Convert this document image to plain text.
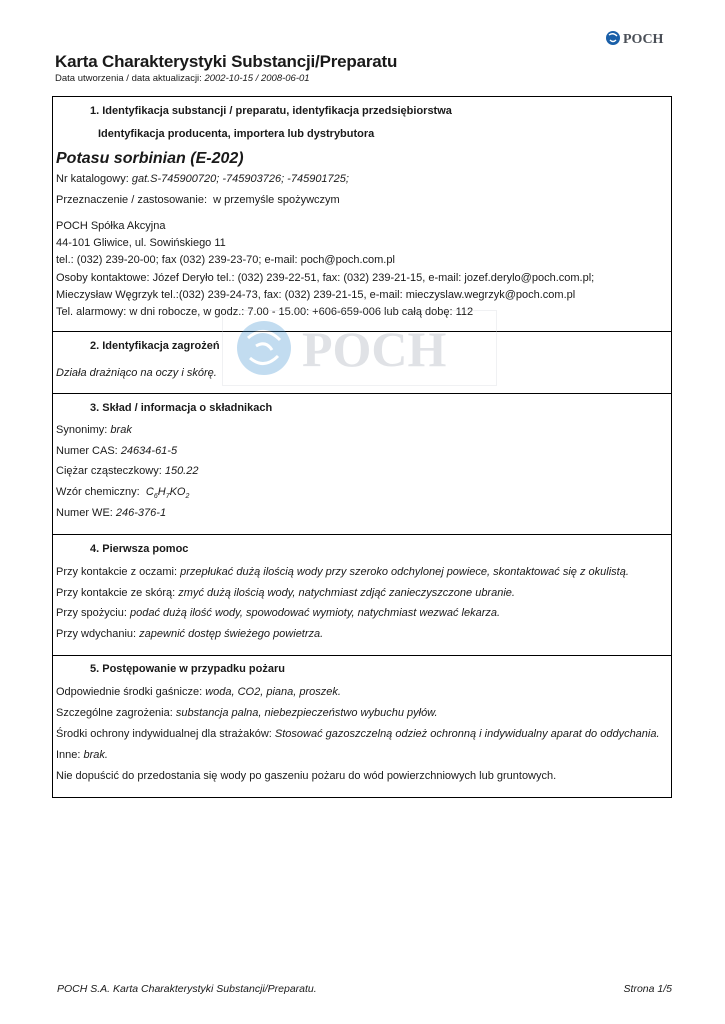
POCH
Karta Charakterystyki Substancji/Preparatu
Data utworzenia / data aktualizacji: 2002-10-15 / 2008-06-01
POCH
1. Identyfikacja substancji / preparatu, identyfikacja przedsiębiorstwa
Identyfikacja producenta, importera lub dystrybutora
Potasu sorbinian (E-202)
Nr katalogowy: gat.S-745900720; -745903726; -745901725;
Przeznaczenie / zastosowanie: w przemyśle spożywczym
POCH Spółka Akcyjna
44-101 Gliwice, ul. Sowińskiego 11
tel.: (032) 239-20-00; fax (032) 239-23-70; e-mail: poch@poch.com.pl
Osoby kontaktowe: Józef Deryło tel.: (032) 239-22-51, fax: (032) 239-21-15, e-mail: jozef.derylo@poch.com.pl;
Mieczysław Węgrzyk tel.:(032) 239-24-73, fax: (032) 239-21-15, e-mail: mieczyslaw.wegrzyk@poch.com.pl
Tel. alarmowy: w dni robocze, w godz.: 7.00 - 15.00: +606-659-006 lub całą dobę: 112
2. Identyfikacja zagrożeń
Działa drażniąco na oczy i skórę.
3. Skład / informacja o składnikach
Synonimy: brak
Numer CAS: 24634-61-5
Ciężar cząsteczkowy: 150.22
Wzór chemiczny: $C_6H_7KO_2$
Numer WE: 246-376-1
4. Pierwsza pomoc
Przy kontakcie z oczami: przepłukać dużą ilością wody przy szeroko odchylonej powiece, skontaktować się z okulistą.
Przy kontakcie ze skórą: zmyć dużą ilością wody, natychmiast zdjąć zanieczyszczone ubranie.
Przy spożyciu: podać dużą ilość wody, spowodować wymioty, natychmiast wezwać lekarza.
Przy wdychaniu: zapewnić dostęp świeżego powietrza.
5. Postępowanie w przypadku pożaru
Odpowiednie środki gaśnicze: woda, CO2, piana, proszek.
Szczególne zagrożenia: substancja palna, niebezpieczeństwo wybuchu pyłów.
Środki ochrony indywidualnej dla strażaków: Stosować gazoszczelną odzież ochronną i indywidualny aparat do oddychania.
Inne: brak.
Nie dopuścić do przedostania się wody po gaszeniu pożaru do wód powierzchniowych lub gruntowych.
POCH S.A. Karta Charakterystyki Substancji/Preparatu.	Strona 1/5
